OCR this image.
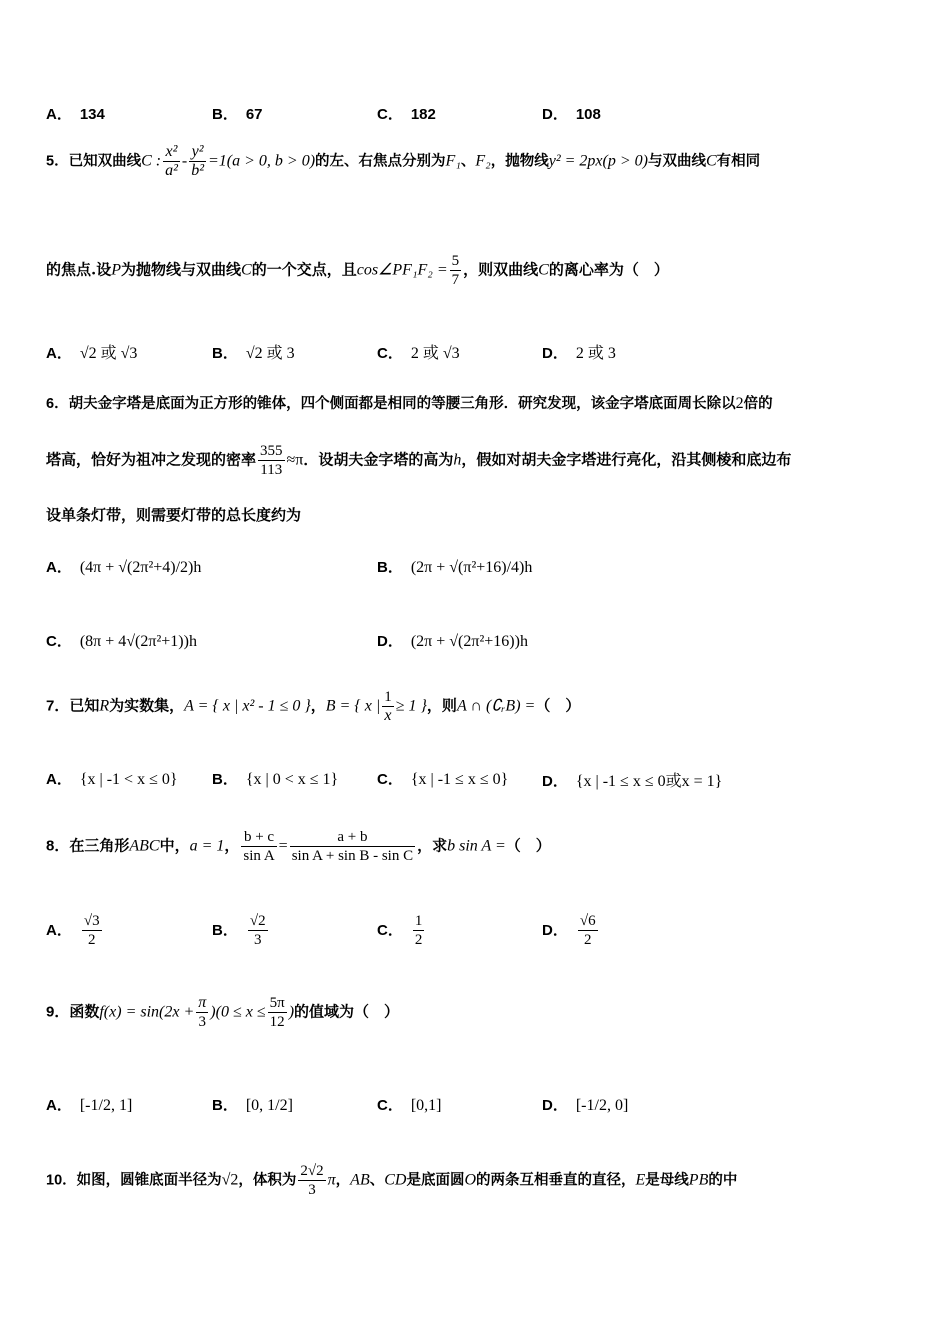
A． 134	B． 67	C． 182	D． 108
5．已知双曲线C : $\frac{\text{x²}}{\text{a²}} - \frac{\text{y²}}{\text{b²}} =1(a > 0$, b > 0)的左、右焦点分别为F₁、F₂，抛物线y² = 2px(p > 0)与双曲线C有相同
的焦点.设P为抛物线与双曲线C的一个交点，且cos∠PF₁F₂ = $\frac{5}{7}$ ，则双曲线C的离心率为（　）
A． √2 或 √3	B． √2 或 3	C． 2 或 √3	D． 2 或 3
6．胡夫金字塔是底面为正方形的锥体，四个侧面都是相同的等腰三角形．研究发现，该金字塔底面周长除以2倍的
塔高，恰好为祖冲之发现的密率 $\frac{355}{113} \approx\pi$．设胡夫金字塔的高为h，假如对胡夫金字塔进行亮化，沿其侧棱和底边布
设单条灯带，则需要灯带的总长度约为
A． (4π + √(2π²+4)/2)h	B． (2π + √(π²+16)/4)h
C． (8π + 4√(2π²+1))h	D． (2π + √(2π²+16))h
7．已知R为实数集，A = { x | x² - 1 ≤ 0 }，B = { x | $\frac{1}{x} \ge 1$ }，则A ∩ (∁ᵣB) =（　）
A． {x | -1 < x ≤ 0} B． {x | 0 < x ≤ 1}	C． {x | -1 ≤ x ≤ 0} D． {x | -1 ≤ x ≤ 0或x = 1}
8．在三角形ABC中，a = 1， $\frac{b + c}{\text{sin A}} = \frac{a + b}{\text{sin A + sin B - sin C}}$ ，求b sin A =（　）
A． $\frac{√3}{2}$	B． $\frac{√2}{3}$	C． $\frac{1}{2}$	D． $\frac{√6}{2}$
9．函数$f(x) = \sin(2x + \frac{\pi}{3} )(0 \le x \le \frac{5\pi}{12}$ )的值域为（　）
A． [-1/2, 1]	B． [0, 1/2]	C． [0,1]	D． [-1/2, 0]
10．如图，圆锥底面半径为√2，体积为 $\frac{2√2}{3}$ π，AB、CD是底面圆O的两条互相垂直的直径，E是母线PB的中
